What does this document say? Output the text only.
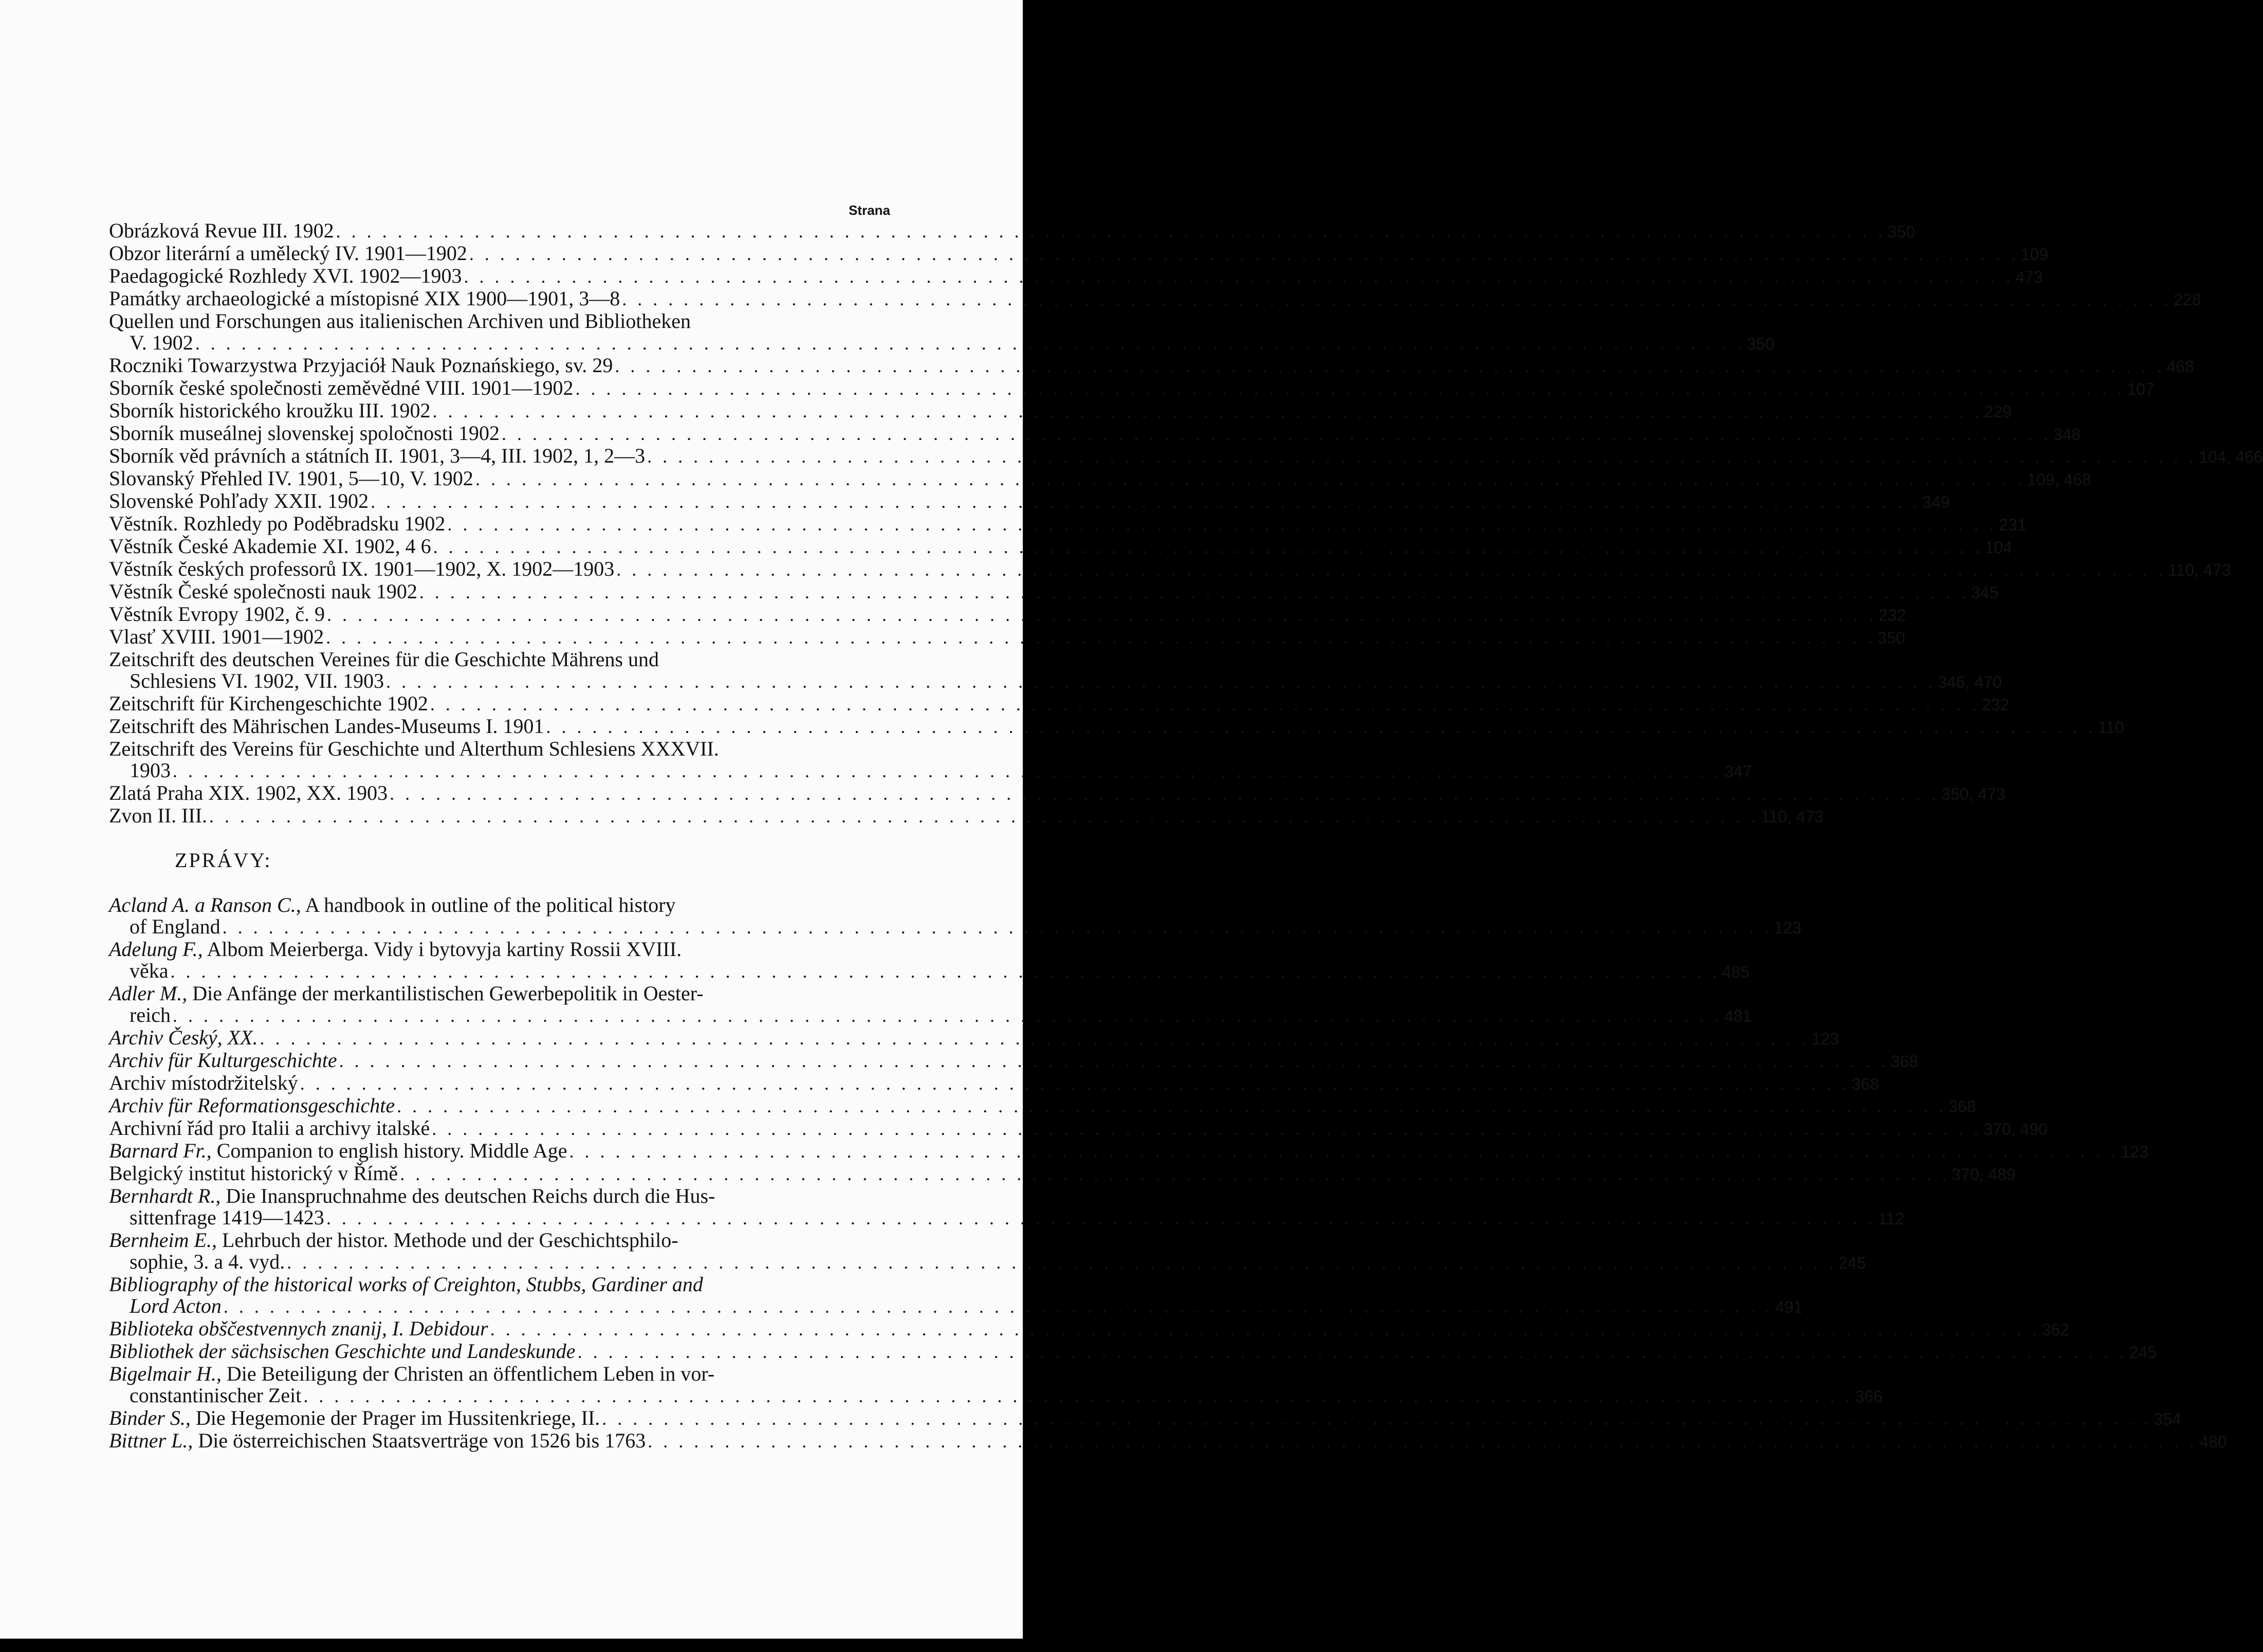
Strana
Obrázková Revue III. 1902 . . .	350
Obzor literární a umělecký IV. 1901—1902 . . .	109
Paedagogické Rozhledy XVI. 1902—1903 . . .	473
Památky archaeologické a místopisné XIX 1900—1901, 3—8 . . .	228
Quellen und Forschungen aus italienischen Archiven und Bibliotheken
V. 1902 . . .	350
Roczniki Towarzystwa Przyjaciół Nauk Poznańskiego, sv. 29 . . .	468
Sborník české společnosti zeměvědné VIII. 1901—1902 . . .	107
Sborník historického kroužku III. 1902 . . .	229
Sborník museálnej slovenskej spoločnosti 1902 . . .	348
Sborník věd právních a státních II. 1901, 3—4, III. 1902, 1, 2—3 . . .	104, 466
Slovanský Přehled IV. 1901, 5—10, V. 1902 . . .	109, 468
Slovenské Pohľady XXII. 1902 . . .	349
Věstník. Rozhledy po Poděbradsku 1902 . . .	231
Věstník České Akademie XI. 1902, 4 6 . . .	104
Věstník českých professorů IX. 1901—1902, X. 1902—1903 . . .	110, 473
Věstník České společnosti nauk 1902 . . .	345
Věstník Evropy 1902, č. 9 . . .	232
Vlasť XVIII. 1901—1902 . . .	350
Zeitschrift des deutschen Vereines für die Geschichte Mährens und
Schlesiens VI. 1902, VII. 1903 . . .	346, 470
Zeitschrift für Kirchengeschichte 1902 . . .	232
Zeitschrift des Mährischen Landes-Museums I. 1901 . . .	110
Zeitschrift des Vereins für Geschichte und Alterthum Schlesiens XXXVII.
1903 . . .	347
Zlatá Praha XIX. 1902, XX. 1903 . . .	350, 473
Zvon II. III. . . .	110, 473
ZPRÁVY:
Acland A. a Ranson C., A handbook in outline of the political history
of England . . .	123
Adelung F., Albom Meierberga. Vidy i bytovyja kartiny Rossii XVIII.
věka . . .	485
Adler M., Die Anfänge der merkantilistischen Gewerbepolitik in Oester-
reich . . .	481
Archiv Český, XX. . . .	123
Archiv für Kulturgeschichte . . .	368
Archiv místodržitelský . . .	368
Archiv für Reformationsgeschichte . . .	368
Archivní řád pro Italii a archivy italské . . .	370, 490
Barnard Fr., Companion to english history. Middle Age . . .	123
Belgický institut historický v Římě . . .	370, 489
Bernhardt R., Die Inanspruchnahme des deutschen Reichs durch die Hus-
sittenfrage 1419—1423 . . .	112
Bernheim E., Lehrbuch der histor. Methode und der Geschichtsphilo-
sophie, 3. a 4. vyd. . . .	245
Bibliography of the historical works of Creighton, Stubbs, Gardiner and
Lord Acton . . .	491
Biblioteka obščestvennych znanij, I. Debidour . . .	362
Bibliothek der sächsischen Geschichte und Landeskunde . . .	245
Bigelmair H., Die Beteiligung der Christen an öffentlichem Leben in vor-
constantinischer Zeit . . .	366
Binder S., Die Hegemonie der Prager im Hussitenkriege, II. . . .	354
Bittner L., Die österreichischen Staatsverträge von 1526 bis 1763 . . .	480
